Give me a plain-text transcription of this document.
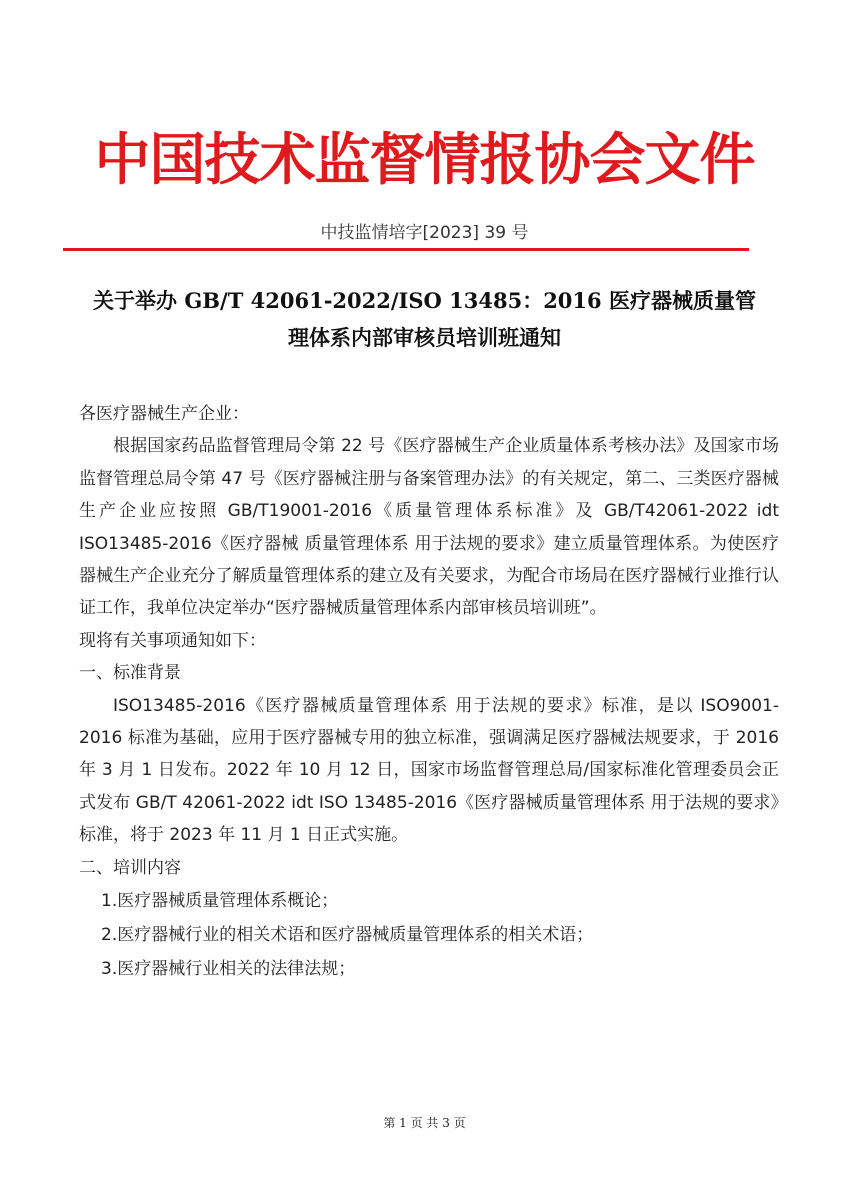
中国技术监督情报协会文件
中技监情培字[2023] 39 号
关于举办 GB/T 42061-2022/ISO 13485：2016 医疗器械质量管
理体系内部审核员培训班通知

各医疗器械生产企业：

根据国家药品监督管理局令第 22 号《医疗器械生产企业质量体系考核办法》及国家市场监督管理总局令第 47 号《医疗器械注册与备案管理办法》的有关规定，第二、三类医疗器械生产企业应按照 GB/T19001-2016《质量管理体系标准》及 GB/T42061-2022 idt ISO13485-2016《医疗器械 质量管理体系 用于法规的要求》建立质量管理体系。为使医疗器械生产企业充分了解质量管理体系的建立及有关要求，为配合市场局在医疗器械行业推行认证工作，我单位决定举办“医疗器械质量管理体系内部审核员培训班”。

现将有关事项通知如下：

一、标准背景

ISO13485-2016《医疗器械质量管理体系 用于法规的要求》标准，是以 ISO9001-2016 标准为基础，应用于医疗器械专用的独立标准，强调满足医疗器械法规要求，于 2016 年 3 月 1 日发布。2022 年 10 月 12 日，国家市场监督管理总局/国家标准化管理委员会正式发布 GB/T 42061-2022 idt ISO 13485-2016《医疗器械质量管理体系 用于法规的要求》标准，将于 2023 年 11 月 1 日正式实施。

二、培训内容

1.医疗器械质量管理体系概论；

2.医疗器械行业的相关术语和医疗器械质量管理体系的相关术语；

3.医疗器械行业相关的法律法规；

第 1 页 共 3 页
